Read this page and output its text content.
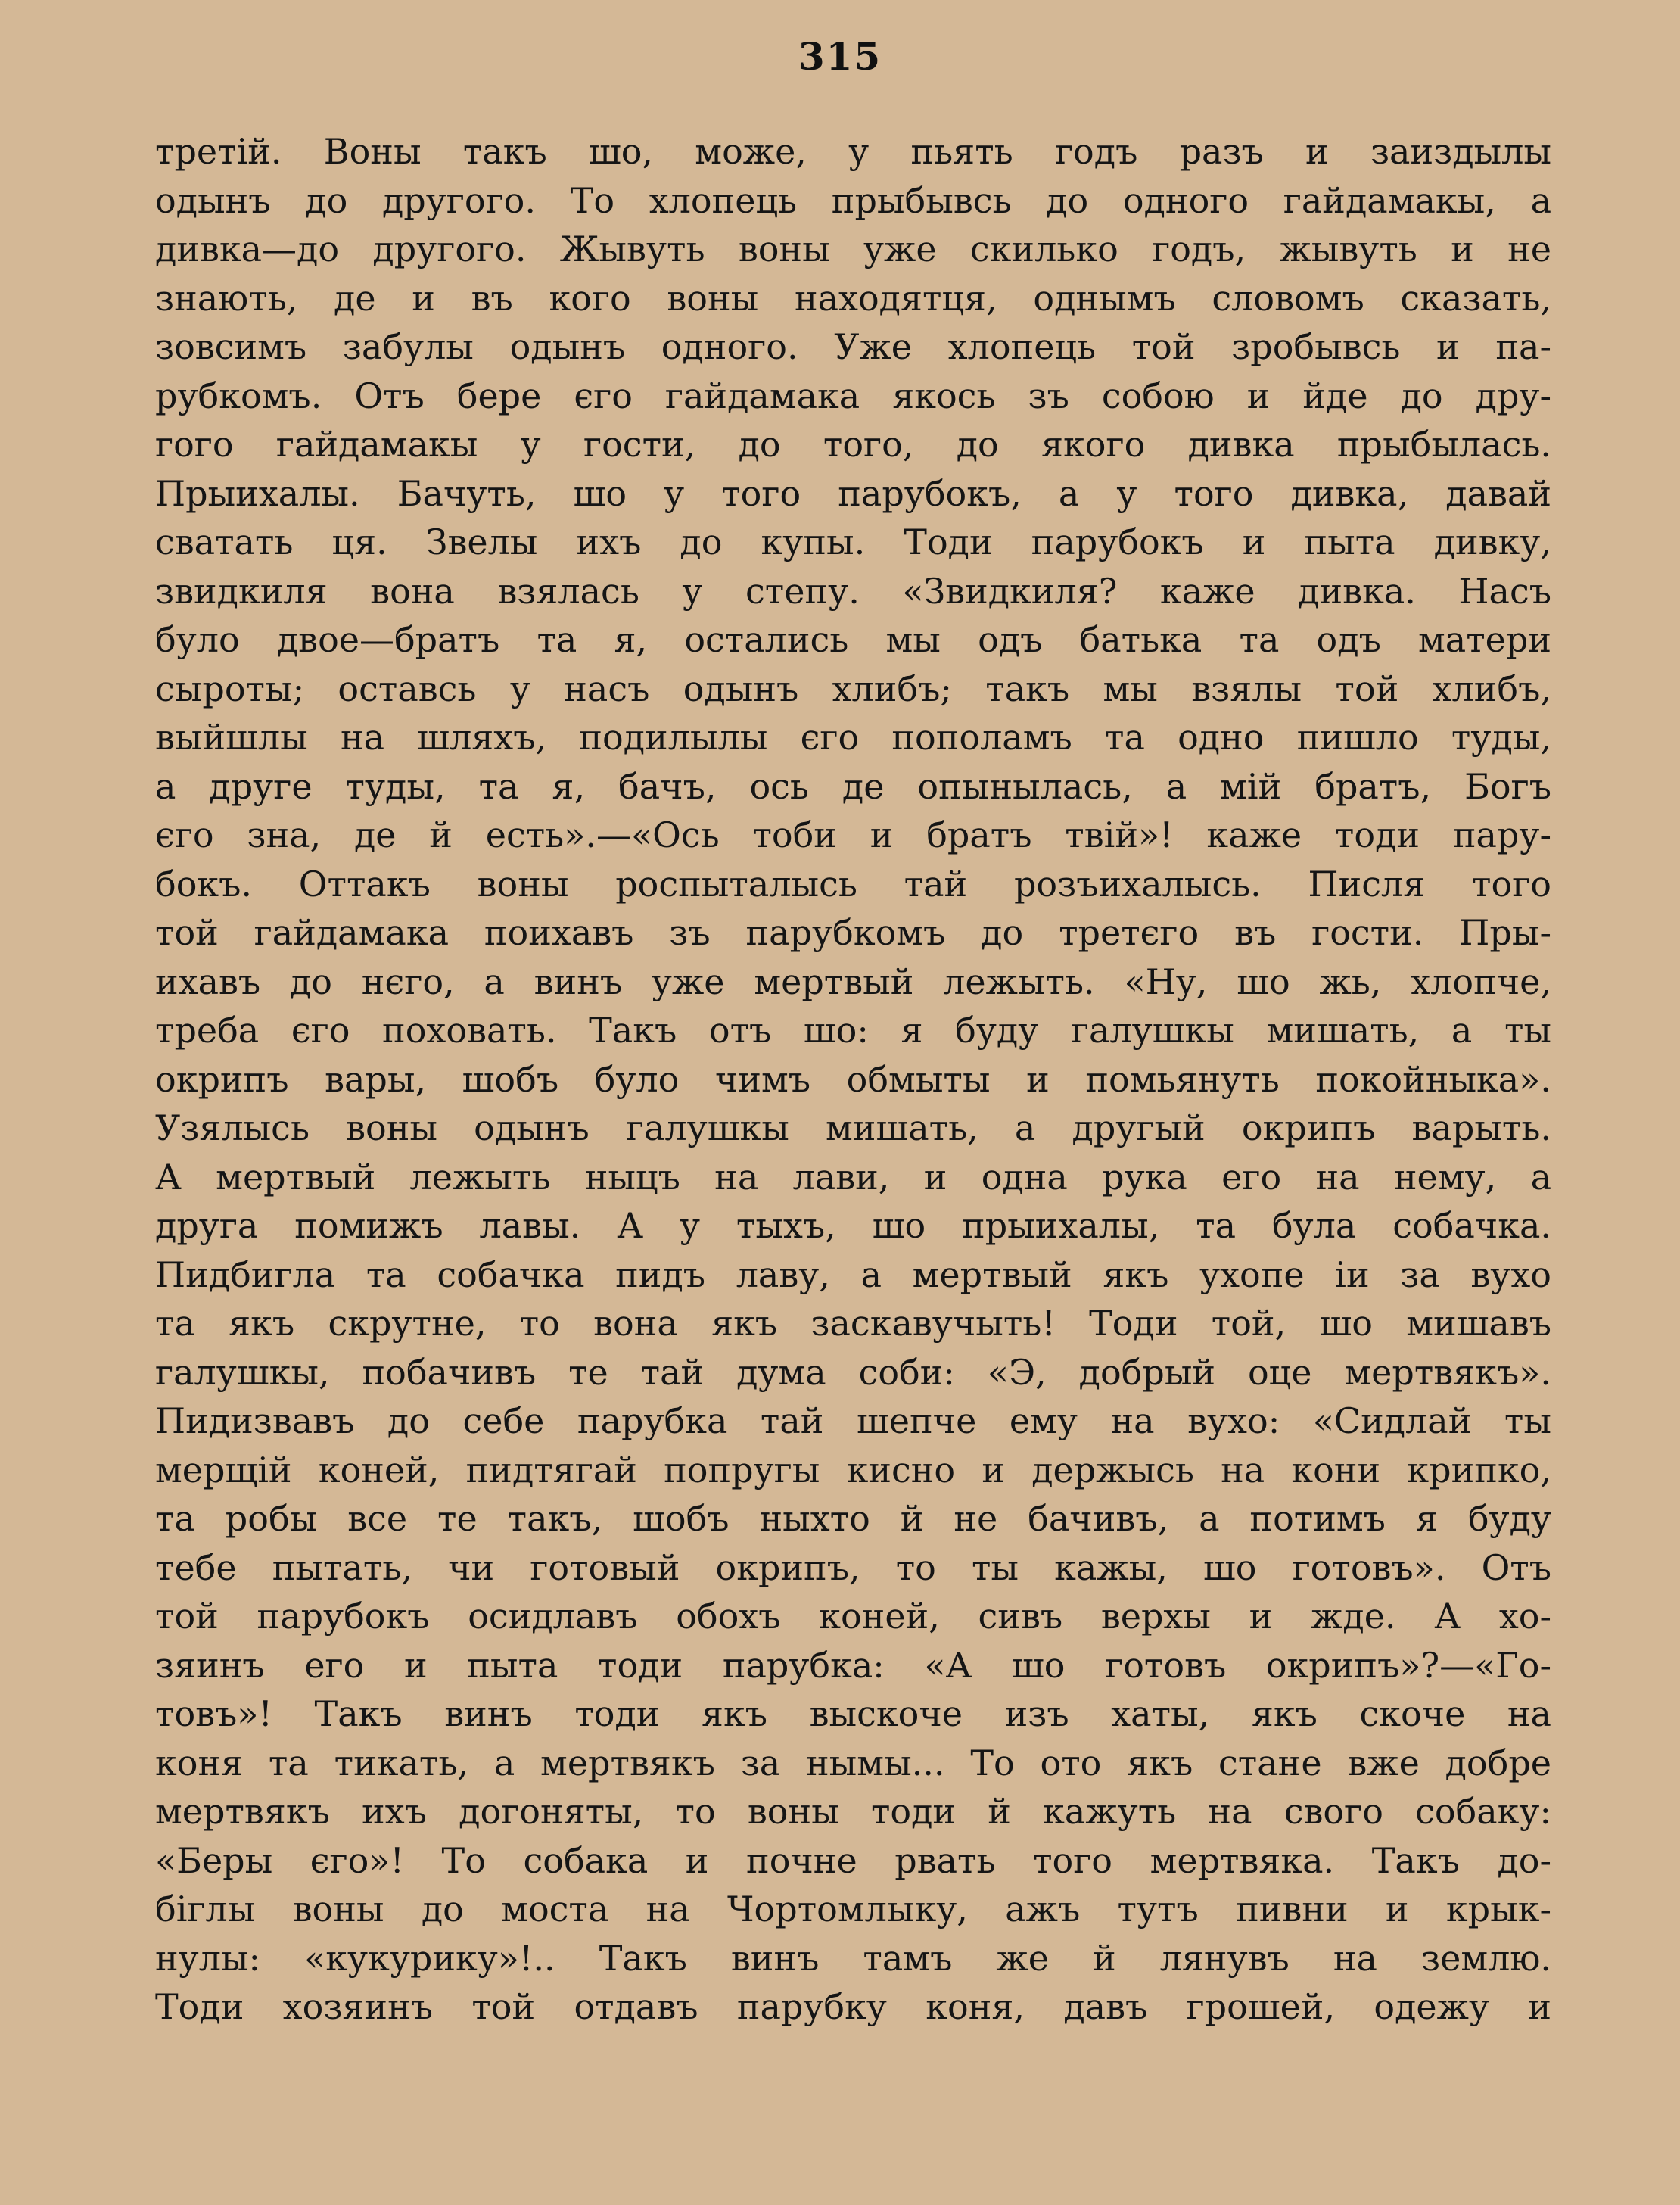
315
третій. Воны такъ шо, може, у пьять годъ разъ и заиздылы
одынъ до другого. То хлопець прыбывсь до одного гайдамакы, а
дивка—до другого. Жывуть воны уже скилько годъ, жывуть и не
знають, де и въ кого воны находятця, однымъ словомъ сказать,
зовсимъ забулы одынъ одного. Уже хлопець той зробывсь и па-
рубкомъ. Отъ бере єго гайдамака якось зъ собою и йде до дру-
гого гайдамакы у гости, до того, до якого дивка прыбылась.
Прыихалы. Бачуть, шо у того парубокъ, а у того дивка, давай
сватать ця. Звелы ихъ до купы. Тоди парубокъ и пыта дивку,
звидкиля вона взялась у степу. «Звидкиля? каже дивка. Насъ
було двое—братъ та я, остались мы одъ батька та одъ матери
сыроты; оставсь у насъ одынъ хлибъ; такъ мы взялы той хлибъ,
выйшлы на шляхъ, подилылы єго пополамъ та одно пишло туды,
а друге туды, та я, бачъ, ось де опынылась, а мій братъ, Богъ
єго зна, де й есть».—«Ось тоби и братъ твій»! каже тоди пару-
бокъ. Оттакъ воны роспыталысь тай розъихалысь. Писля того
той гайдамака поихавъ зъ парубкомъ до третєго въ гости. Пры-
ихавъ до нєго, а винъ уже мертвый лежыть. «Ну, шо жь, хлопче,
треба єго поховать. Такъ отъ шо: я буду галушкы мишать, а ты
окрипъ вары, шобъ було чимъ обмыты и помьянуть покойныка».
Узялысь воны одынъ галушкы мишать, а другый окрипъ варыть.
А мертвый лежыть ныцъ на лави, и одна рука его на нему, а
друга помижъ лавы. А у тыхъ, шо прыихалы, та була собачка.
Пидбигла та собачка пидъ лаву, а мертвый якъ ухопе іи за вухо
та якъ скрутне, то вона якъ заскавучыть! Тоди той, шо мишавъ
галушкы, побачивъ те тай дума соби: «Э, добрый оце мертвякъ».
Пидизвавъ до себе парубка тай шепче ему на вухо: «Сидлай ты
мерщій коней, пидтягай попругы кисно и держысь на кони крипко,
та робы все те такъ, шобъ ныхто й не бачивъ, а потимъ я буду
тебе пытать, чи готовый окрипъ, то ты кажы, шо готовъ». Отъ
той парубокъ осидлавъ обохъ коней, сивъ верхы и жде. А хо-
зяинъ его и пыта тоди парубка: «А шо готовъ окрипъ»?—«Го-
товъ»! Такъ винъ тоди якъ выскоче изъ хаты, якъ скоче на
коня та тикать, а мертвякъ за нымы... То ото якъ стане вже добре
мертвякъ ихъ догоняты, то воны тоди й кажуть на свого собаку:
«Беры єго»! То собака и почне рвать того мертвяка. Такъ до-
бiглы воны до моста на Чортомлыку, ажъ тутъ пивни и крык-
нулы: «кукурику»!.. Такъ винъ тамъ же й лянувъ на землю.
Тоди хозяинъ той отдавъ парубку коня, давъ грошей, одежу и
